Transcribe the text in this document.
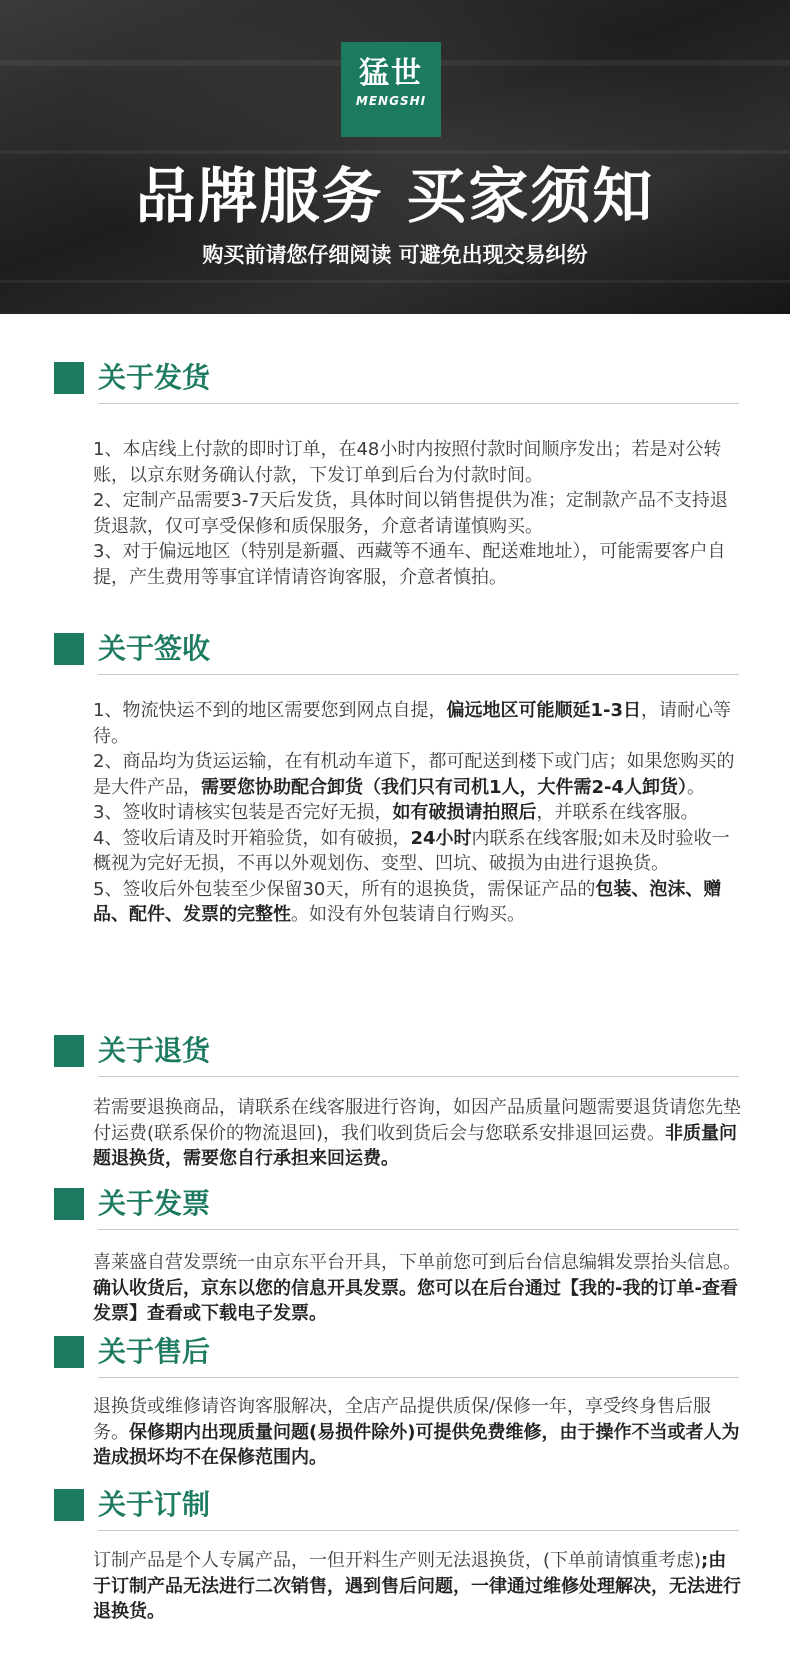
猛世
MENGSHI
品牌服务 买家须知
购买前请您仔细阅读 可避免出现交易纠纷
关于发货

1、本店线上付款的即时订单，在48小时内按照付款时间顺序发出；若是对公转账，以京东财务确认付款，下发订单到后台为付款时间。

2、定制产品需要3-7天后发货，具体时间以销售提供为准；定制款产品不支持退货退款，仅可享受保修和质保服务，介意者请谨慎购买。

3、对于偏远地区（特别是新疆、西藏等不通车、配送难地址），可能需要客户自提，产生费用等事宜详情请咨询客服，介意者慎拍。

关于签收

1、物流快运不到的地区需要您到网点自提，偏远地区可能顺延1-3日，请耐心等待。

2、商品均为货运运输，在有机动车道下，都可配送到楼下或门店；如果您购买的是大件产品，需要您协助配合卸货（我们只有司机1人，大件需2-4人卸货）。

3、签收时请核实包装是否完好无损，如有破损请拍照后，并联系在线客服。

4、签收后请及时开箱验货，如有破损，24小时内联系在线客服;如未及时验收一概视为完好无损，不再以外观划伤、变型、凹坑、破损为由进行退换货。

5、签收后外包装至少保留30天，所有的退换货，需保证产品的包装、泡沫、赠品、配件、发票的完整性。如没有外包装请自行购买。

关于退货

若需要退换商品，请联系在线客服进行咨询，如因产品质量问题需要退货请您先垫付运费(联系保价的物流退回)，我们收到货后会与您联系安排退回运费。非质量问题退换货，需要您自行承担来回运费。

关于发票

喜莱盛自营发票统一由京东平台开具，下单前您可到后台信息编辑发票抬头信息。确认收货后，京东以您的信息开具发票。您可以在后台通过【我的-我的订单-查看发票】查看或下载电子发票。

关于售后

退换货或维修请咨询客服解决，全店产品提供质保/保修一年，享受终身售后服务。保修期内出现质量问题(易损件除外)可提供免费维修，由于操作不当或者人为造成损坏均不在保修范围内。

关于订制

订制产品是个人专属产品，一但开料生产则无法退换货，(下单前请慎重考虑);由于订制产品无法进行二次销售，遇到售后问题，一律通过维修处理解决，无法进行退换货。
